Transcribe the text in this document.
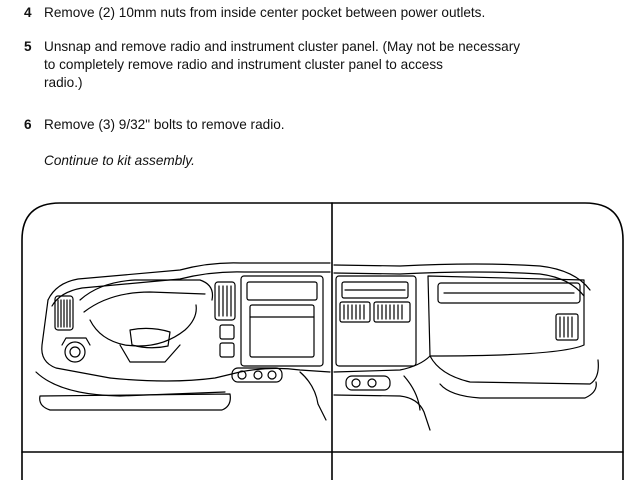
4 Remove (2) 10mm nuts from inside center pocket between power outlets.
5 Unsnap and remove radio and instrument cluster panel. (May not be necessary
to completely remove radio and instrument cluster panel to access
radio.)
6 Remove (3) 9/32" bolts to remove radio.
Continue to kit assembly.
